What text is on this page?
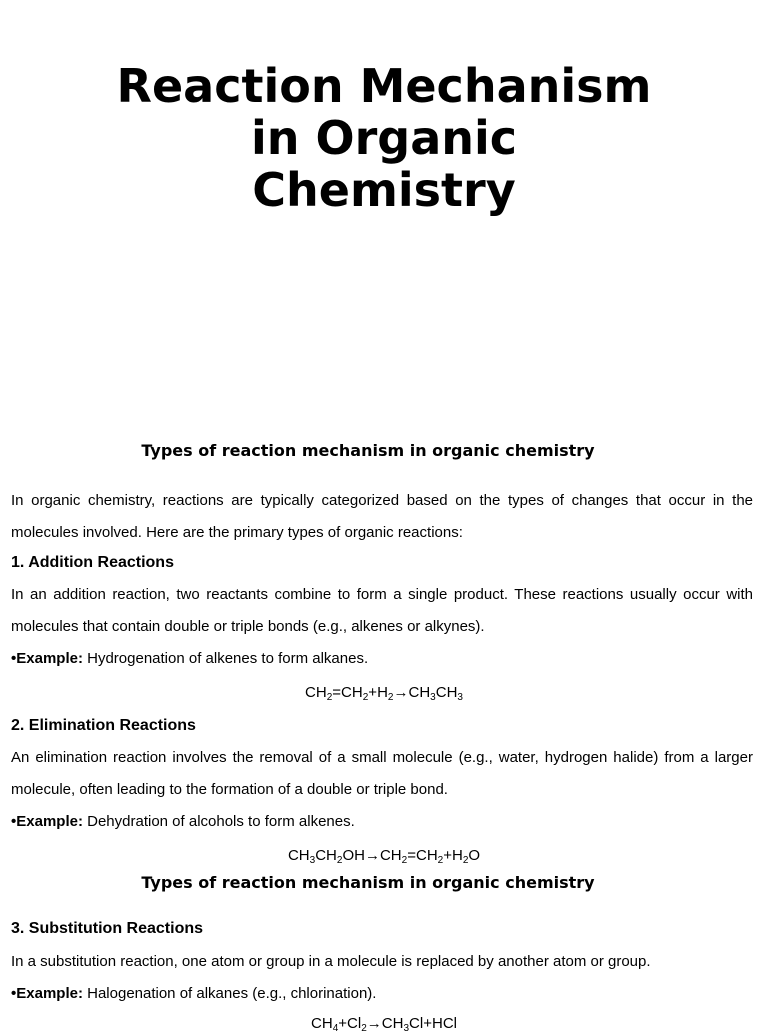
Reaction Mechanism
in Organic
Chemistry
Types of reaction mechanism in organic chemistry

In organic chemistry, reactions are typically categorized based on the types of changes that occur in the molecules involved. Here are the primary types of organic reactions:

1. Addition Reactions

In an addition reaction, two reactants combine to form a single product. These reactions usually occur with molecules that contain double or triple bonds (e.g., alkenes or alkynes).

•Example: Hydrogenation of alkenes to form alkanes.

$CH_2=CH_2+H_2\to CH_3CH_3$
2. Elimination Reactions

An elimination reaction involves the removal of a small molecule (e.g., water, hydrogen halide) from a larger molecule, often leading to the formation of a double or triple bond.

•Example: Dehydration of alcohols to form alkenes.

$CH_3CH_2OH\to CH_2=CH_2+H_2O$
Types of reaction mechanism in organic chemistry
3. Substitution Reactions

In a substitution reaction, one atom or group in a molecule is replaced by another atom or group.

•Example: Halogenation of alkanes (e.g., chlorination).

$CH_4+Cl_2\to CH_3Cl+HCl$
